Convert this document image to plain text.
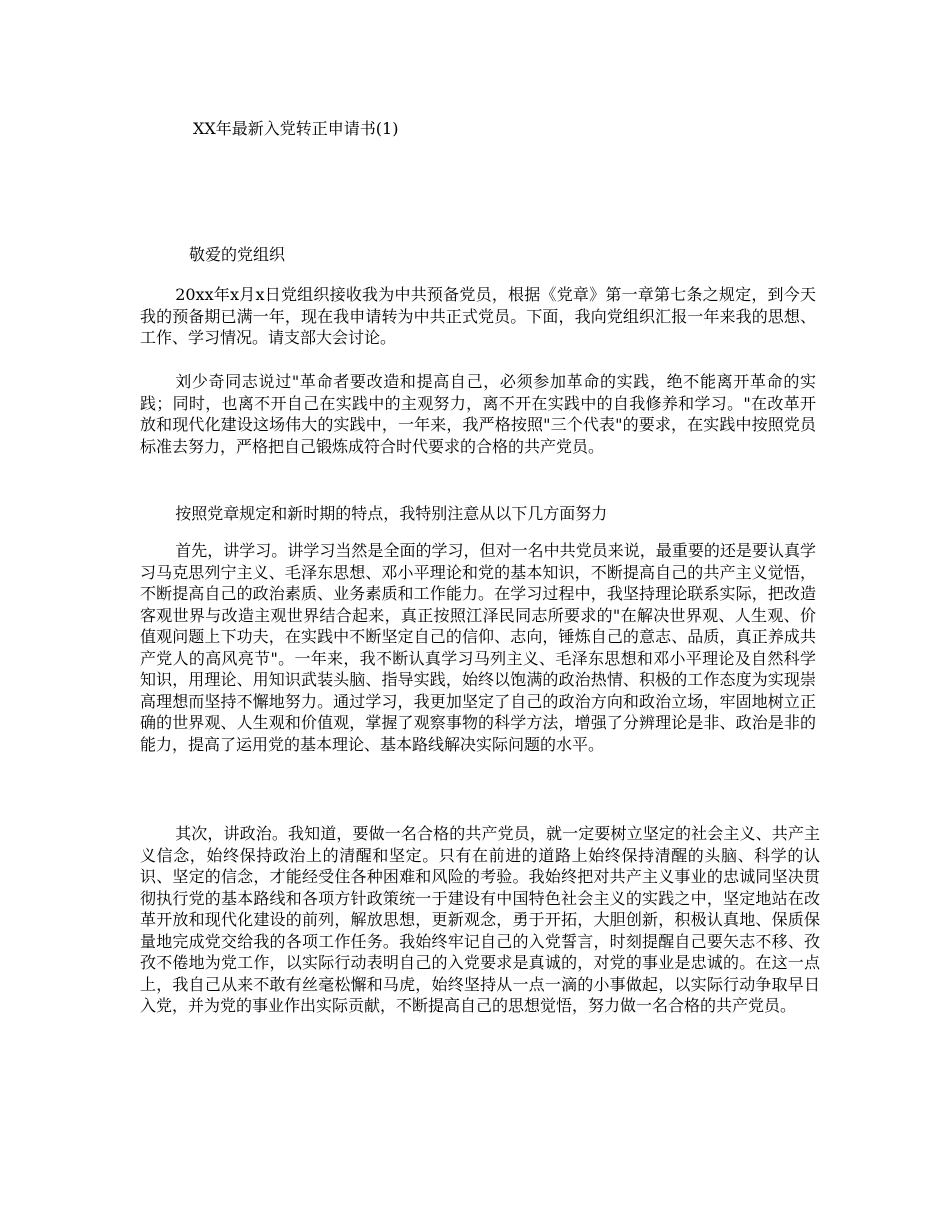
XX年最新入党转正申请书(1)
敬爱的党组织

20xx年x月x日党组织接收我为中共预备党员，根据《党章》第一章第七条之规定，到今天我的预备期已满一年，现在我申请转为中共正式党员。下面，我向党组织汇报一年来我的思想、工作、学习情况。请支部大会讨论。

刘少奇同志说过"革命者要改造和提高自己，必须参加革命的实践，绝不能离开革命的实践；同时，也离不开自己在实践中的主观努力，离不开在实践中的自我修养和学习。"在改革开放和现代化建设这场伟大的实践中，一年来，我严格按照"三个代表"的要求，在实践中按照党员标准去努力，严格把自己锻炼成符合时代要求的合格的共产党员。

按照党章规定和新时期的特点，我特别注意从以下几方面努力

首先，讲学习。讲学习当然是全面的学习，但对一名中共党员来说，最重要的还是要认真学习马克思列宁主义、毛泽东思想、邓小平理论和党的基本知识，不断提高自己的共产主义觉悟，不断提高自己的政治素质、业务素质和工作能力。在学习过程中，我坚持理论联系实际，把改造客观世界与改造主观世界结合起来，真正按照江泽民同志所要求的"在解决世界观、人生观、价值观问题上下功夫，在实践中不断坚定自己的信仰、志向，锤炼自己的意志、品质，真正养成共产党人的高风亮节"。一年来，我不断认真学习马列主义、毛泽东思想和邓小平理论及自然科学知识，用理论、用知识武装头脑、指导实践，始终以饱满的政治热情、积极的工作态度为实现崇高理想而坚持不懈地努力。通过学习，我更加坚定了自己的政治方向和政治立场，牢固地树立正确的世界观、人生观和价值观，掌握了观察事物的科学方法，增强了分辨理论是非、政治是非的能力，提高了运用党的基本理论、基本路线解决实际问题的水平。

其次，讲政治。我知道，要做一名合格的共产党员，就一定要树立坚定的社会主义、共产主义信念，始终保持政治上的清醒和坚定。只有在前进的道路上始终保持清醒的头脑、科学的认识、坚定的信念，才能经受住各种困难和风险的考验。我始终把对共产主义事业的忠诚同坚决贯彻执行党的基本路线和各项方针政策统一于建设有中国特色社会主义的实践之中，坚定地站在改革开放和现代化建设的前列，解放思想，更新观念，勇于开拓，大胆创新，积极认真地、保质保量地完成党交给我的各项工作任务。我始终牢记自己的入党誓言，时刻提醒自己要矢志不移、孜孜不倦地为党工作，以实际行动表明自己的入党要求是真诚的，对党的事业是忠诚的。在这一点上，我自己从来不敢有丝毫松懈和马虎，始终坚持从一点一滴的小事做起，以实际行动争取早日入党，并为党的事业作出实际贡献，不断提高自己的思想觉悟，努力做一名合格的共产党员。
